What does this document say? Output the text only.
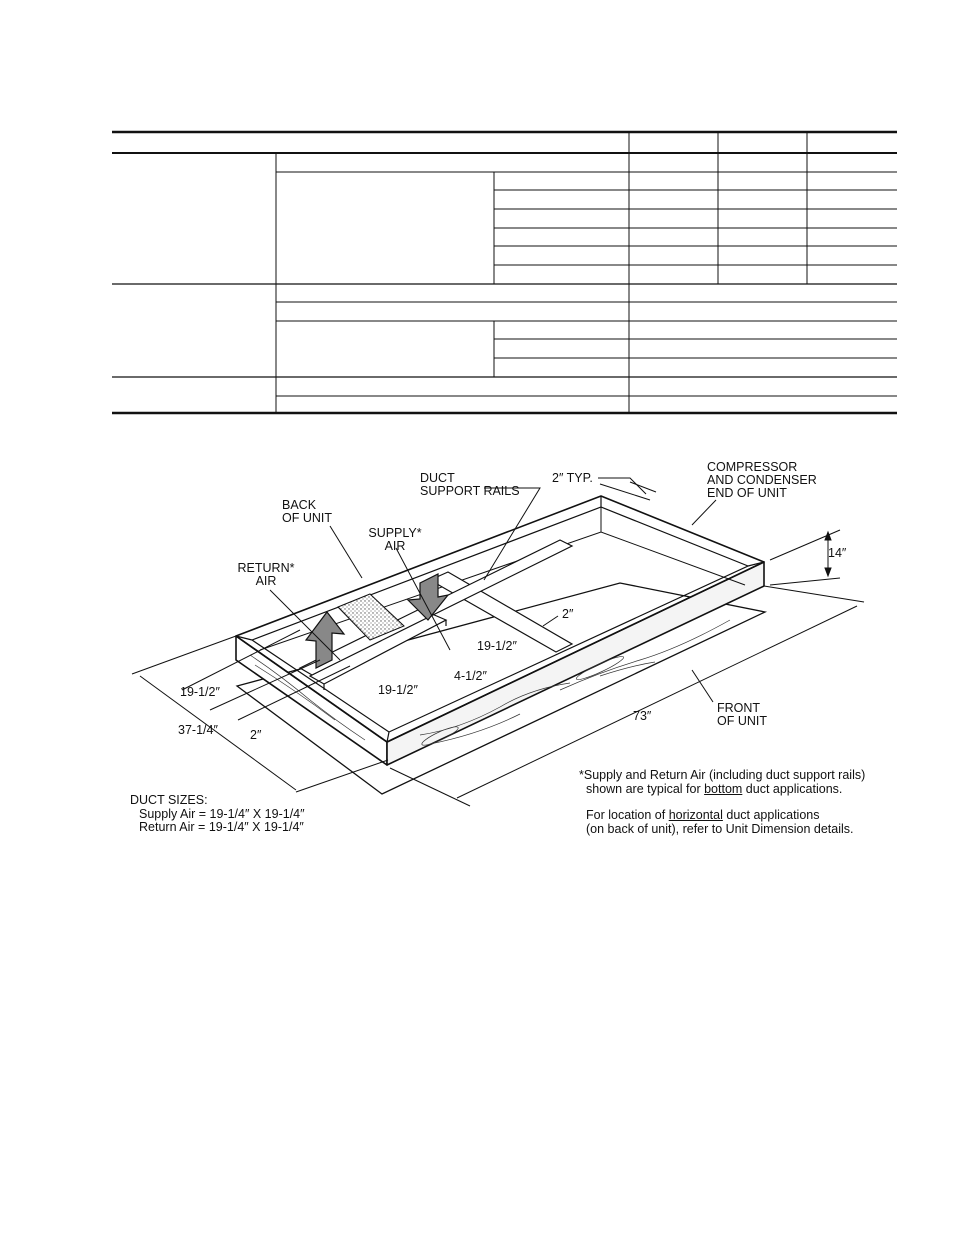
DUCT
SUPPORT RAILS
2″ TYP.
COMPRESSOR
AND CONDENSER
END OF UNIT
BACK
OF UNIT
SUPPLY*
AIR
RETURN*
AIR
14″
2″
19-1/2″
4-1/2″
19-1/2″
19-1/2″
37-1/4″	2″
73″
FRONT
OF UNIT
DUCT SIZES:
Supply Air = 19-1/4″ X 19-1/4″
Return Air = 19-1/4″ X 19-1/4″
*Supply and Return Air (including duct support rails)
shown are typical for bottom duct applications.
For location of horizontal duct applications
(on back of unit), refer to Unit Dimension details.
